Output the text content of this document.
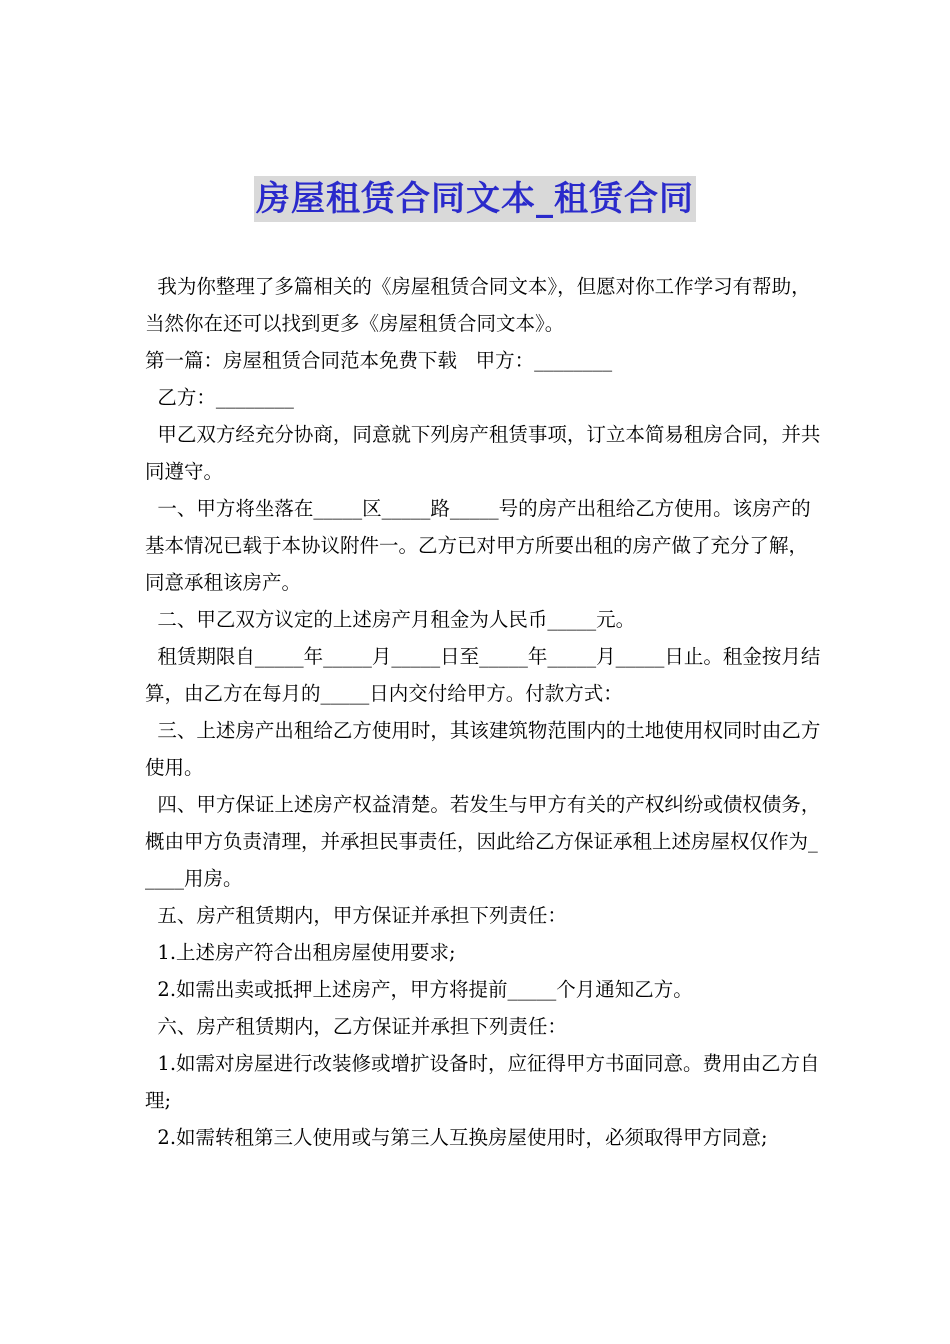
房屋租赁合同文本_租赁合同

我为你整理了多篇相关的《房屋租赁合同文本》，但愿对你工作学习有帮助，当然你在还可以找到更多《房屋租赁合同文本》。

第一篇：房屋租赁合同范本免费下载   甲方：________

乙方：________

甲乙双方经充分协商，同意就下列房产租赁事项，订立本简易租房合同，并共同遵守。

一、甲方将坐落在_____区_____路_____号的房产出租给乙方使用。该房产的基本情况已载于本协议附件一。乙方已对甲方所要出租的房产做了充分了解，同意承租该房产。

二、甲乙双方议定的上述房产月租金为人民币_____元。

租赁期限自_____年_____月_____日至_____年_____月_____日止。租金按月结算，由乙方在每月的_____日内交付给甲方。付款方式：

三、上述房产出租给乙方使用时，其该建筑物范围内的土地使用权同时由乙方使用。

四、甲方保证上述房产权益清楚。若发生与甲方有关的产权纠纷或债权债务，概由甲方负责清理，并承担民事责任，因此给乙方保证承租上述房屋权仅作为_____用房。

五、房产租赁期内，甲方保证并承担下列责任：

1.上述房产符合出租房屋使用要求;

2.如需出卖或抵押上述房产，甲方将提前_____个月通知乙方。

六、房产租赁期内，乙方保证并承担下列责任：

1.如需对房屋进行改装修或增扩设备时，应征得甲方书面同意。费用由乙方自理;

2.如需转租第三人使用或与第三人互换房屋使用时，必须取得甲方同意;
